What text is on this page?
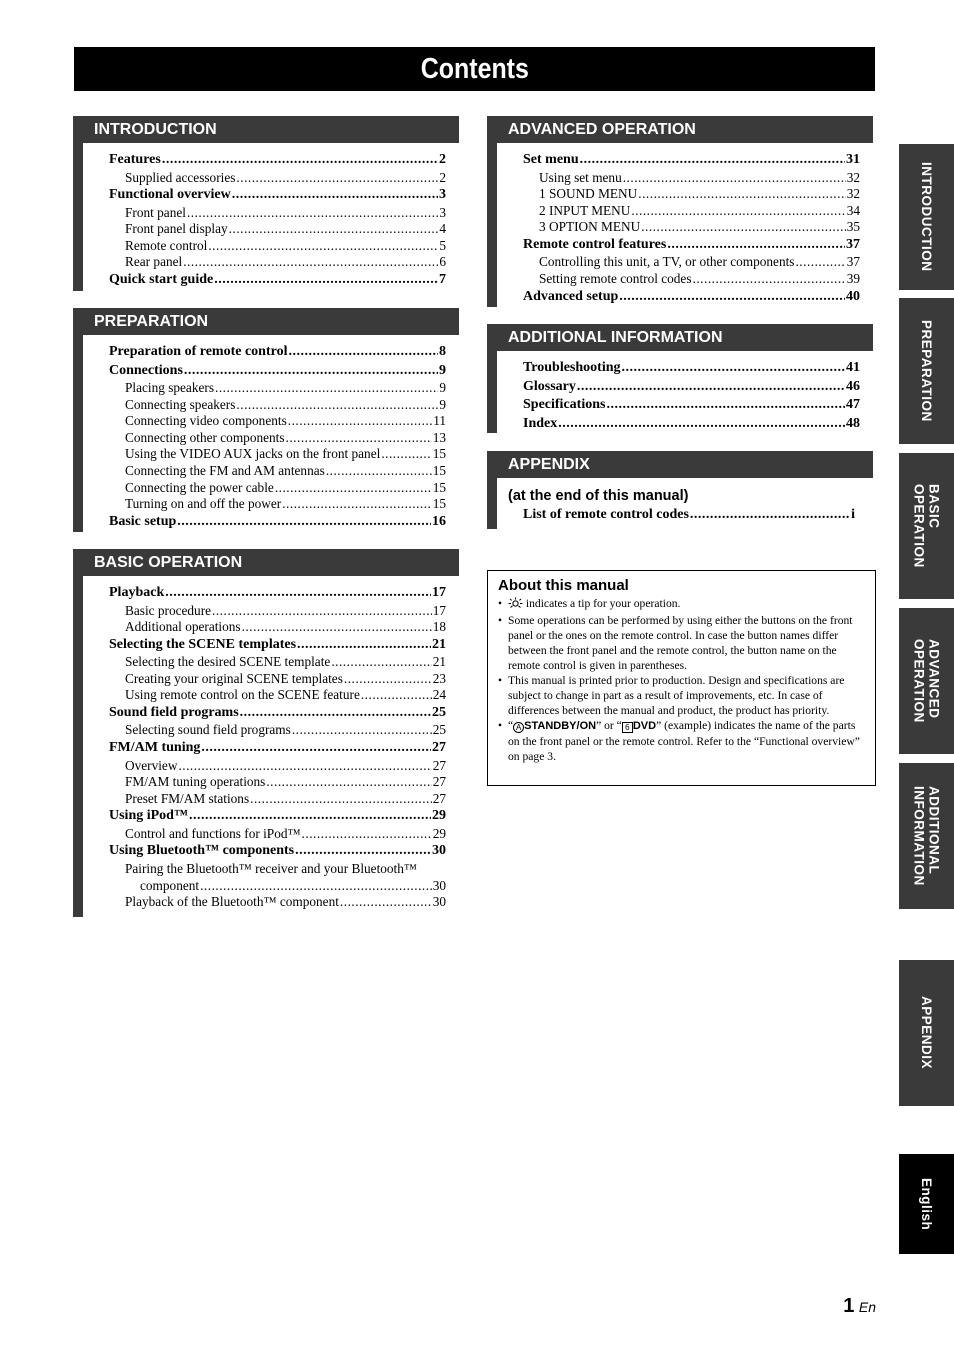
Contents
INTRODUCTION
Features .....	2
Supplied accessories .....	2
Functional overview .....	3
Front panel .....	3
Front panel display .....	4
Remote control .....	5
Rear panel .....	6
Quick start guide .....	7
PREPARATION
Preparation of remote control .....	8
Connections .....	9
Placing speakers .....	9
Connecting speakers .....	9
Connecting video components .....	11
Connecting other components .....	13
Using the VIDEO AUX jacks on the front panel .....	15
Connecting the FM and AM antennas .....	15
Connecting the power cable .....	15
Turning on and off the power .....	15
Basic setup .....	16
BASIC OPERATION
Playback .....	17
Basic procedure .....	17
Additional operations .....	18
Selecting the SCENE templates .....	21
Selecting the desired SCENE template .....	21
Creating your original SCENE templates .....	23
Using remote control on the SCENE feature .....	24
Sound field programs .....	25
Selecting sound field programs .....	25
FM/AM tuning .....	27
Overview .....	27
FM/AM tuning operations .....	27
Preset FM/AM stations .....	27
Using iPod™ .....	29
Control and functions for iPod™ .....	29
Using Bluetooth™ components .....	30
Pairing the Bluetooth™ receiver and your Bluetooth™
component .....	30
Playback of the Bluetooth™ component .....	30
ADVANCED OPERATION
Set menu .....	31
Using set menu .....	32
1 SOUND MENU .....	32
2 INPUT MENU .....	34
3 OPTION MENU .....	35
Remote control features .....	37
Controlling this unit, a TV, or other components .....	37
Setting remote control codes .....	39
Advanced setup .....	40
ADDITIONAL INFORMATION
Troubleshooting .....	41
Glossary .....	46
Specifications .....	47
Index .....	48
APPENDIX
(at the end of this manual)
List of remote control codes .....	i
About this manual
• indicates a tip for your operation.
• Some operations can be performed by using either the buttons on the front panel or the ones on the remote control. In case the button names differ between the front panel and the remote control, the button name on the remote control is given in parentheses.
• This manual is printed prior to production. Design and specifications are subject to change in part as a result of improvements, etc. In case of differences between the manual and product, the product has priority.
• “ A STANDBY/ON” or “ 6 DVD” (example) indicates the name of the parts on the front panel or the remote control. Refer to the “Functional overview” on page 3.
INTRODUCTION
PREPARATION
BASIC
OPERATION
ADVANCED
OPERATION
ADDITIONAL
INFORMATION
APPENDIX
English
1 En
